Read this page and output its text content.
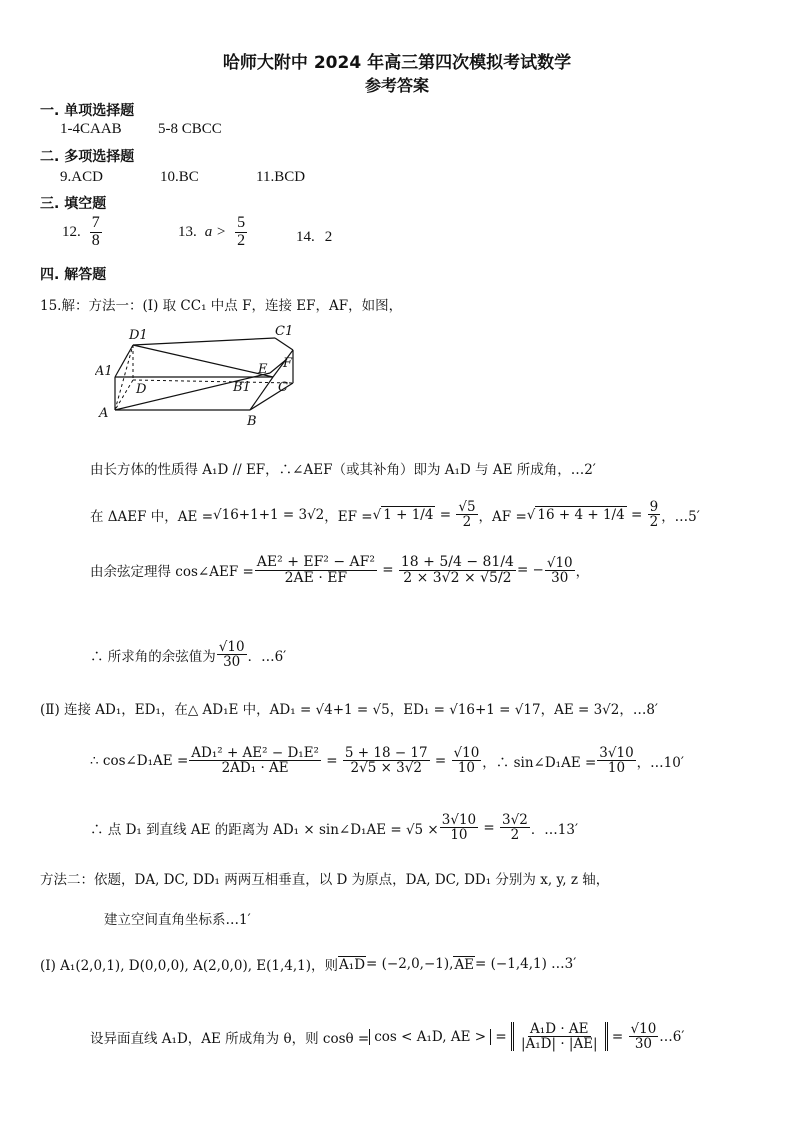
哈师大附中 2024 年高三第四次模拟考试数学
参考答案
一. 单项选择题
1-4CAAB 5-8 CBCC
二. 多项选择题
9.ACD	10.BC	11.BCD
三. 填空题
12. $\frac{7}{8}$	13. $a > \frac{5}{2}$	14. 2
四. 解答题
15.解：方法一：(Ⅰ) 取 CC₁ 中点 F，连接 EF，AF，如图，
D1	C1
A1
F
E
D	B1 C
A
B
由长方体的性质得 A₁D // EF，∴∠AEF（或其补角）即为 A₁D 与 AE 所成角，…2′
在 ΔAEF 中，AE = √16+1+1 = 3√2 ，EF = √ $1 + 1/4 = \frac{√5}{2}$ ，AF = √ $16 + 4 + 1/4 = \frac{9}{2}$ ，…5′
由余弦定理得 cos∠AEF = $\frac{\text{AE² + EF² − AF²}}{2AE \cdot EF} = \frac{18 + 5/4 - 81/4}{2 \times 3√2 \times √5/2}$ = − $\frac{√10}{30}$ ，
∴ 所求角的余弦值为 $\frac{√10}{30}$ ．…6′
(Ⅱ) 连接 AD₁，ED₁，在△ AD₁E 中，AD₁ = √4+1 = √5，ED₁ = √16+1 = √17，AE = 3√2，…8′
∴ cos∠D₁AE = $\frac{\text{AD₁² + AE² − D₁E²}}{\text{2AD₁ · AE}} = \frac{5 + 18 - 17}{2√5 \times 3√2} = \frac{√10}{10}$ ，∴ sin∠D₁AE = $\frac{3√10}{10}$ ，…10′
∴ 点 D₁ 到直线 AE 的距离为 AD₁ × sin∠D₁AE = $√5 \times \frac{3√10}{10} = \frac{3√2}{2}$ ．…13′
方法二：依题，DA, DC, DD₁ 两两互相垂直，以 D 为原点，DA, DC, DD₁ 分别为 x, y, z 轴，
建立空间直角坐标系…1′
(Ⅰ) A₁(2,0,1), D(0,0,0), A(2,0,0), E(1,4,1)，则 A₁D = (−2,0,−1), AE = (−1,4,1) …3′
设异面直线 A₁D，AE 所成角为 θ，则 cosθ = cos < A₁D, AE > = $\frac{\text{A₁D · AE}}{\text{|A₁D| · |AE|}} = \frac{√10}{30}$ …6′
